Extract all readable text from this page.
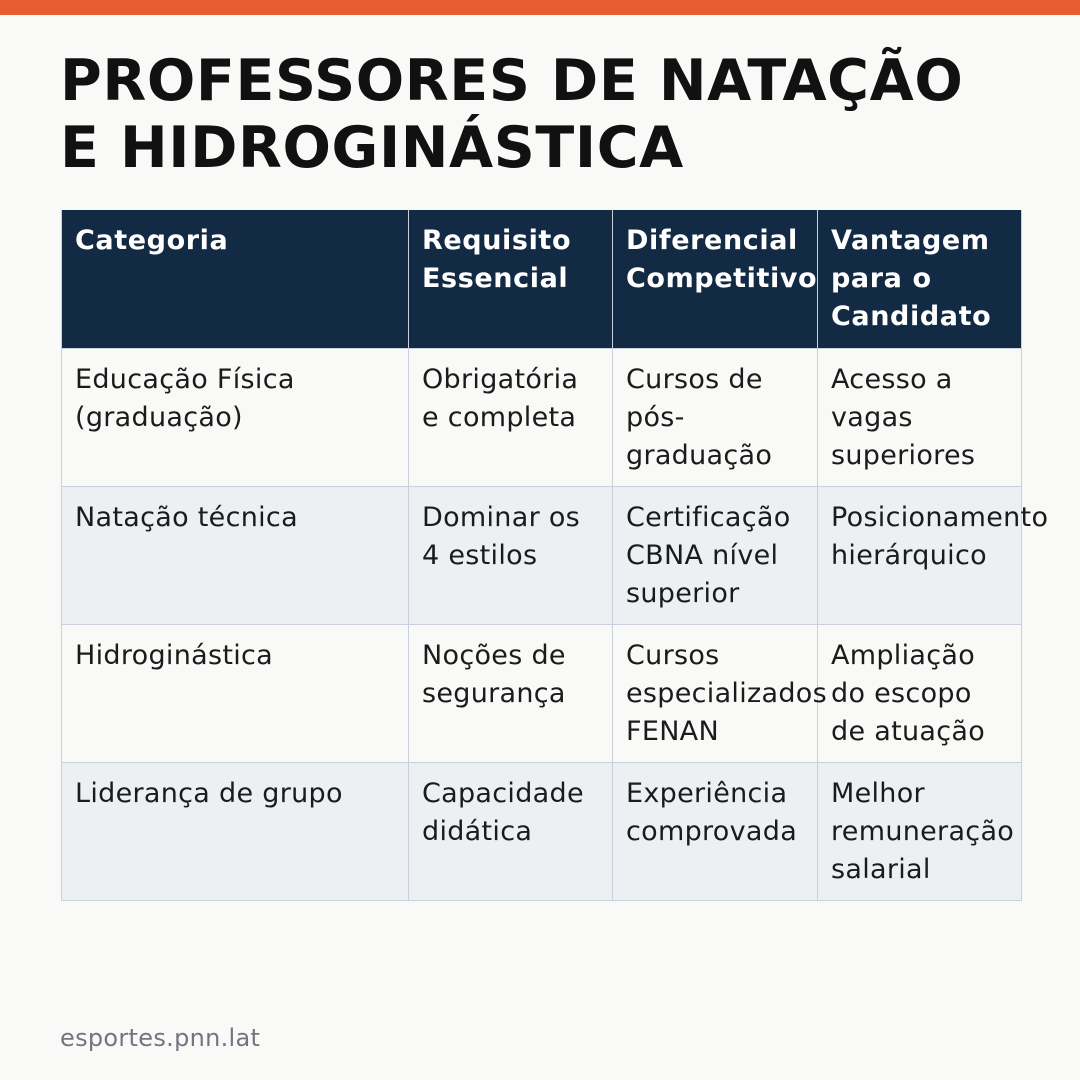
PROFESSORES DE NATAÇÃO E HIDROGINÁSTICA
Categoria	Requisito Essencial	Diferencial Competitivo	Vantagem para o Candidato
Educação Física (graduação)	Obrigatória e completa	Cursos de pós-graduação	Acesso a vagas superiores
Natação técnica	Dominar os 4 estilos	Certificação CBNA nível superior	Posicionamento hierárquico
Hidroginástica	Noções de segurança	Cursos especializados FENAN	Ampliação do escopo de atuação
Liderança de grupo	Capacidade didática	Experiência comprovada	Melhor remuneração salarial
esportes.pnn.lat
